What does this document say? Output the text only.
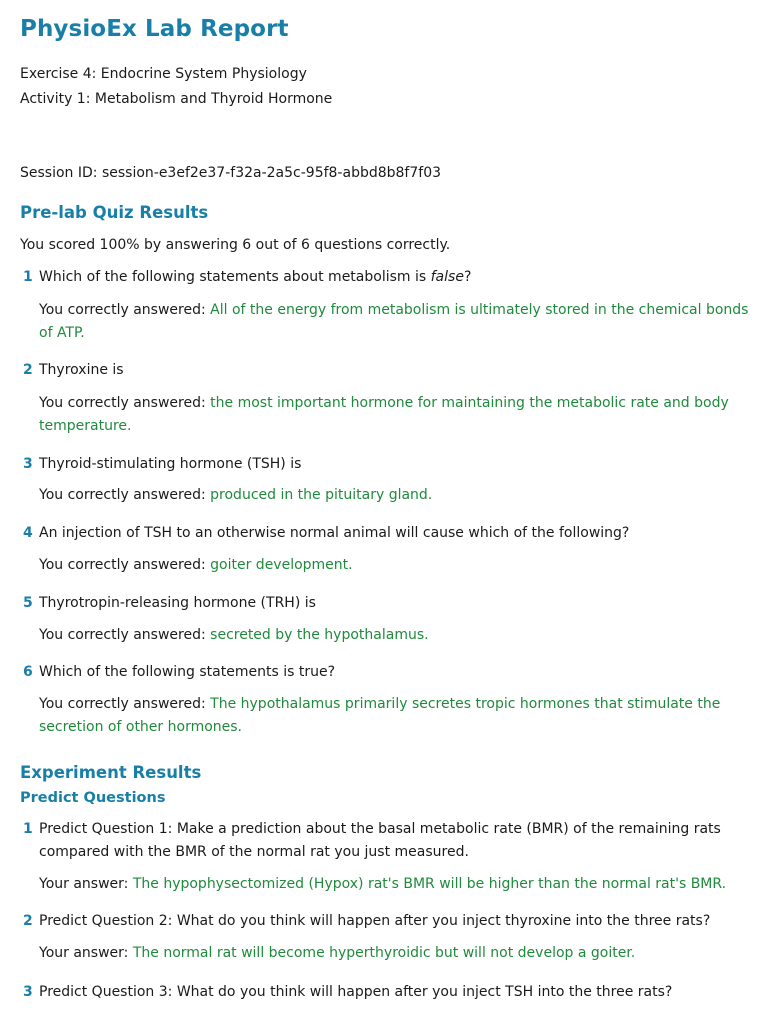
PhysioEx Lab Report
Exercise 4: Endocrine System Physiology
Activity 1: Metabolism and Thyroid Hormone
Session ID: session-e3ef2e37-f32a-2a5c-95f8-abbd8b8f7f03
Pre-lab Quiz Results
You scored 100% by answering 6 out of 6 questions correctly.
1 Which of the following statements about metabolism is false?
You correctly answered: All of the energy from metabolism is ultimately stored in the chemical bonds of ATP.
2 Thyroxine is
You correctly answered: the most important hormone for maintaining the metabolic rate and body temperature.
3 Thyroid-stimulating hormone (TSH) is
You correctly answered: produced in the pituitary gland.
4 An injection of TSH to an otherwise normal animal will cause which of the following?
You correctly answered: goiter development.
5 Thyrotropin-releasing hormone (TRH) is
You correctly answered: secreted by the hypothalamus.
6 Which of the following statements is true?
You correctly answered: The hypothalamus primarily secretes tropic hormones that stimulate the secretion of other hormones.
Experiment Results
Predict Questions
1 Predict Question 1: Make a prediction about the basal metabolic rate (BMR) of the remaining rats compared with the BMR of the normal rat you just measured.
Your answer: The hypophysectomized (Hypox) rat's BMR will be higher than the normal rat's BMR.
2 Predict Question 2: What do you think will happen after you inject thyroxine into the three rats?
Your answer: The normal rat will become hyperthyroidic but will not develop a goiter.
3 Predict Question 3: What do you think will happen after you inject TSH into the three rats?
